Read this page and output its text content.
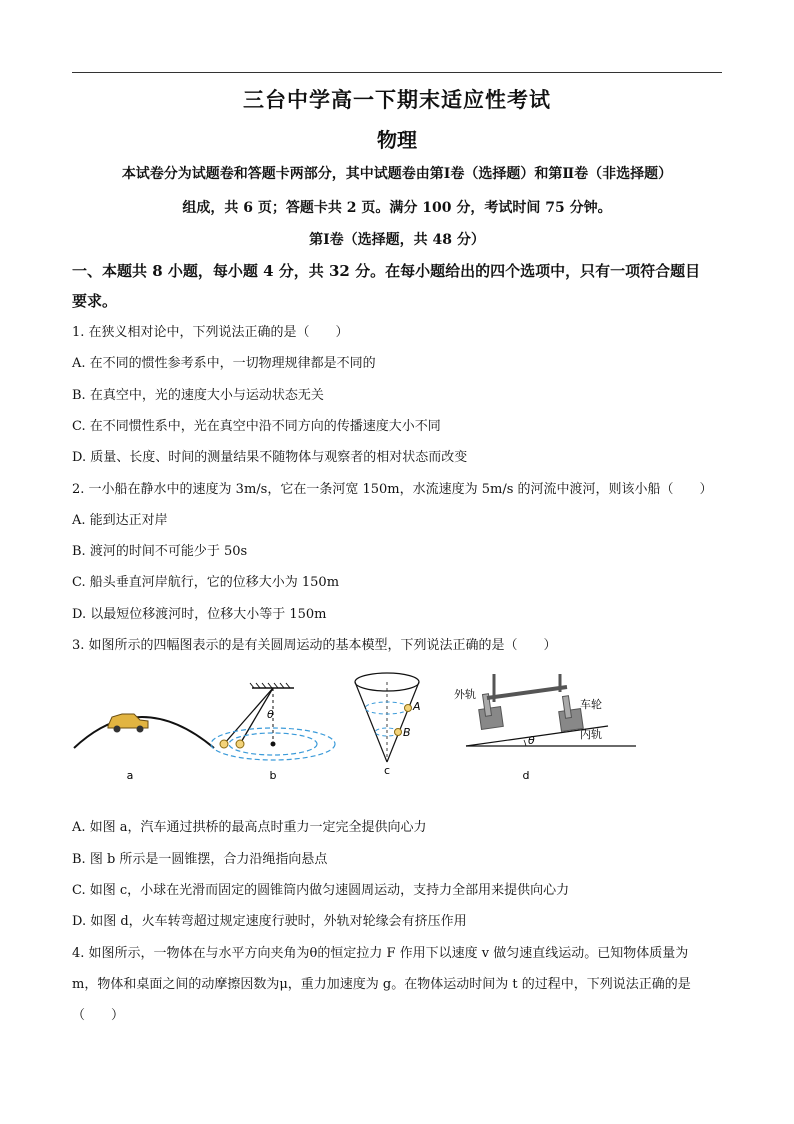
三台中学高一下期末适应性考试
物理
本试卷分为试题卷和答题卡两部分，其中试题卷由第Ⅰ卷（选择题）和第Ⅱ卷（非选择题）
组成，共 6 页；答题卡共 2 页。满分 100 分，考试时间 75 分钟。
第Ⅰ卷（选择题，共 48 分）
一、本题共 8 小题，每小题 4 分，共 32 分。在每小题给出的四个选项中，只有一项符合题目
要求。
1. 在狭义相对论中，下列说法正确的是（　　）
A. 在不同的惯性参考系中，一切物理规律都是不同的
B. 在真空中，光的速度大小与运动状态无关
C. 在不同惯性系中，光在真空中沿不同方向的传播速度大小不同
D. 质量、长度、时间的测量结果不随物体与观察者的相对状态而改变
2. 一小船在静水中的速度为 3m/s，它在一条河宽 150m，水流速度为 5m/s 的河流中渡河，则该小船（　　）
A. 能到达正对岸
B. 渡河的时间不可能少于 50s
C. 船头垂直河岸航行，它的位移大小为 150m
D. 以最短位移渡河时，位移大小等于 150m
3. 如图所示的四幅图表示的是有关圆周运动的基本模型，下列说法正确的是（　　）
a
θ
b
A
B
c
外轨
车轮
内轨
θ
d
A. 如图 a，汽车通过拱桥的最高点时重力一定完全提供向心力
B. 图 b 所示是一圆锥摆，合力沿绳指向悬点
C. 如图 c，小球在光滑而固定的圆锥筒内做匀速圆周运动，支持力全部用来提供向心力
D. 如图 d，火车转弯超过规定速度行驶时，外轨对轮缘会有挤压作用
4. 如图所示，一物体在与水平方向夹角为θ的恒定拉力 F 作用下以速度 v 做匀速直线运动。已知物体质量为
m，物体和桌面之间的动摩擦因数为μ，重力加速度为 g。在物体运动时间为 t 的过程中，下列说法正确的是
（　　）
